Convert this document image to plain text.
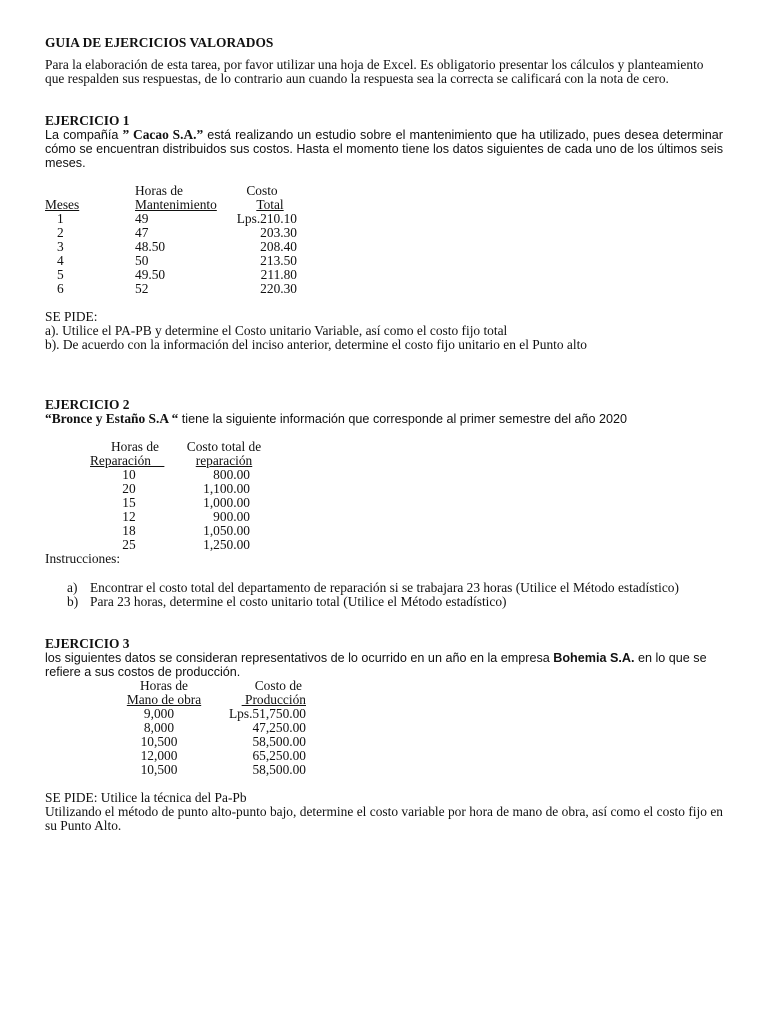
GUIA DE EJERCICIOS VALORADOS
Para la elaboración de esta tarea, por favor utilizar una hoja de Excel. Es obligatorio presentar los cálculos y planteamiento que respalden sus respuestas, de lo contrario aun cuando la respuesta sea la correcta se calificará con la nota de cero.
EJERCICIO 1
La compañía ” Cacao S.A.” está realizando un estudio sobre el mantenimiento que ha utilizado, pues desea determinar cómo se encuentran distribuidos sus costos. Hasta el momento tiene los datos siguientes de cada uno de los últimos seis meses.
	Horas de	Costo
Meses	Mantenimiento	Total
1	49	Lps.210.10
2	47	203.30
3	48.50	208.40
4	50	213.50
5	49.50	211.80
6	52	220.30
SE PIDE:
a). Utilice el PA-PB y determine el Costo unitario Variable, así como el costo fijo total
b). De acuerdo con la información del inciso anterior, determine el costo fijo unitario en el Punto alto
EJERCICIO 2
“Bronce y Estaño S.A “ tiene la siguiente información que corresponde al primer semestre del año 2020
Horas de	Costo total de
Reparación	reparación
10	800.00
20	1,100.00
15	1,000.00
12	900.00
18	1,050.00
25	1,250.00
Instrucciones:
a) Encontrar el costo total del departamento de reparación si se trabajara 23 horas (Utilice el Método estadístico)
b) Para 23 horas, determine el costo unitario total (Utilice el Método estadístico)
EJERCICIO 3
los siguientes datos se consideran representativos de lo ocurrido en un año en la empresa Bohemia S.A. en lo que se refiere a sus costos de producción.
Horas de	Costo de
Mano de obra	Producción
9,000	Lps.51,750.00
8,000	47,250.00
10,500	58,500.00
12,000	65,250.00
10,500	58,500.00
SE PIDE: Utilice la técnica del Pa-Pb
Utilizando el método de punto alto-punto bajo, determine el costo variable por hora de mano de obra, así como el costo fijo en su Punto Alto.
